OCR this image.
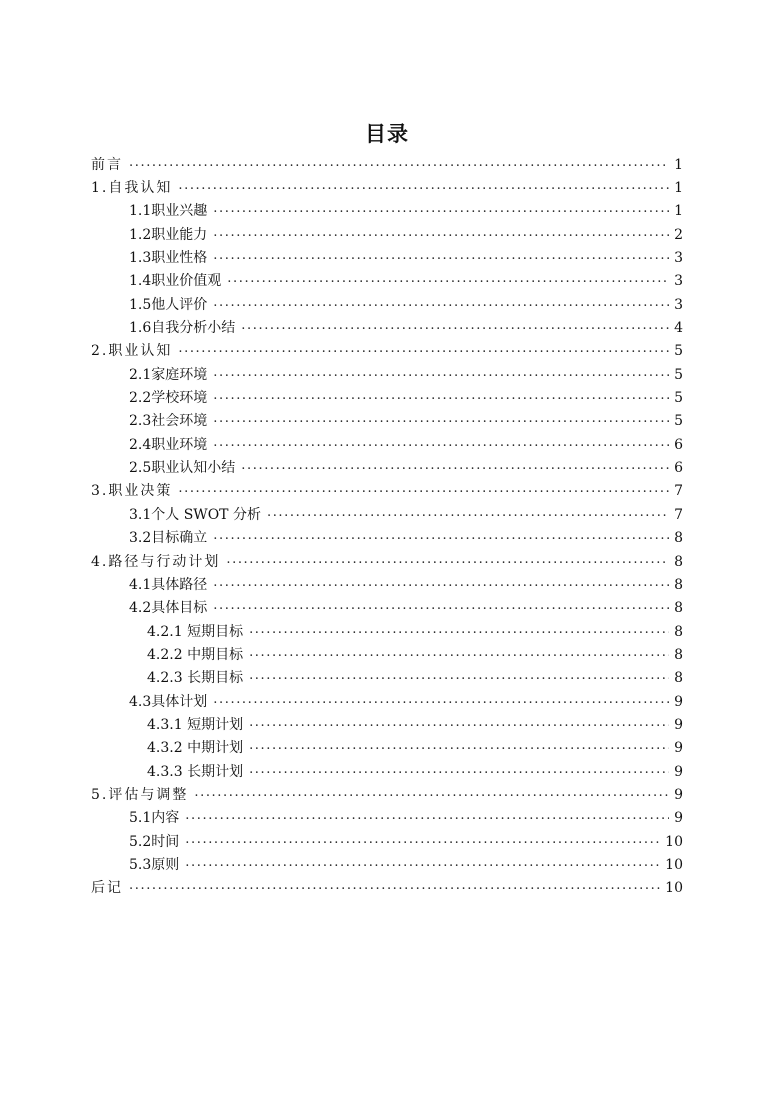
目录
前言 .....	1
1.自我认知 .....	1
1.1职业兴趣 .....	1
1.2职业能力 .....	2
1.3职业性格 .....	3
1.4职业价值观 .....	3
1.5他人评价 .....	3
1.6自我分析小结 .....	4
2.职业认知 .....	5
2.1家庭环境 .....	5
2.2学校环境 .....	5
2.3社会环境 .....	5
2.4职业环境 .....	6
2.5职业认知小结 .....	6
3.职业决策 .....	7
3.1个人 SWOT 分析 .....	7
3.2目标确立 .....	8
4.路径与行动计划 .....	8
4.1具体路径 .....	8
4.2具体目标 .....	8
4.2.1 短期目标 .....	8
4.2.2 中期目标 .....	8
4.2.3 长期目标 .....	8
4.3具体计划 .....	9
4.3.1 短期计划 .....	9
4.3.2 中期计划 .....	9
4.3.3 长期计划 .....	9
5.评估与调整 .....	9
5.1内容 .....	9
5.2时间 .....	10
5.3原则 .....	10
后记 .....	10
